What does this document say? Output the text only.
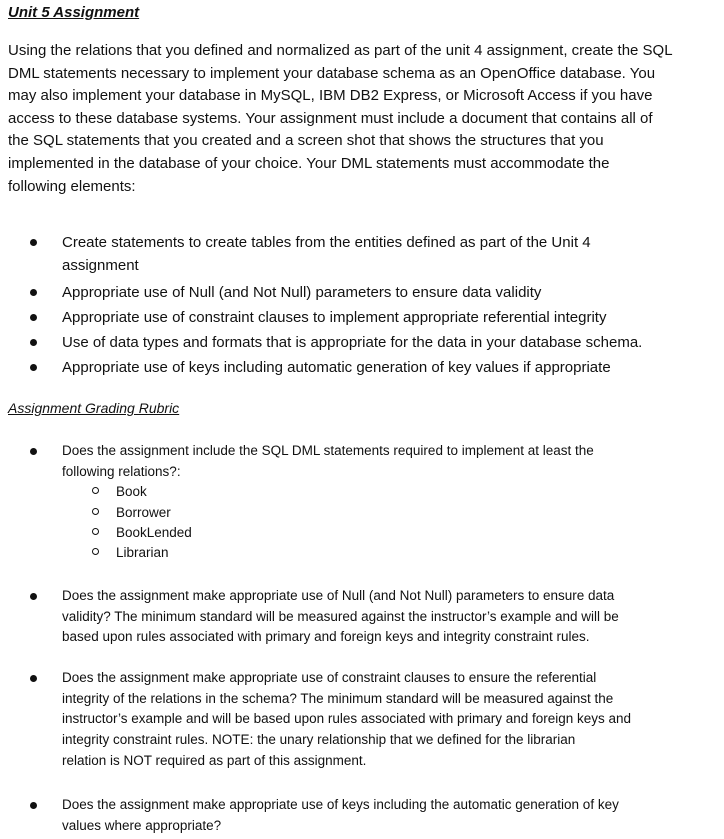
Unit 5 Assignment
Using the relations that you defined and normalized as part of the unit 4 assignment, create the SQL
DML statements necessary to implement your database schema as an OpenOffice database. You
may also implement your database in MySQL, IBM DB2 Express, or Microsoft Access if you have
access to these database systems. Your assignment must include a document that contains all of
the SQL statements that you created and a screen shot that shows the structures that you
implemented in the database of your choice. Your DML statements must accommodate the
following elements:
Create statements to create tables from the entities defined as part of the Unit 4
assignment
Appropriate use of Null (and Not Null) parameters to ensure data validity
Appropriate use of constraint clauses to implement appropriate referential integrity
Use of data types and formats that is appropriate for the data in your database schema.
Appropriate use of keys including automatic generation of key values if appropriate
Assignment Grading Rubric
Does the assignment include the SQL DML statements required to implement at least the
following relations?:
Book
Borrower
BookLended
Librarian
Does the assignment make appropriate use of Null (and Not Null) parameters to ensure data
validity? The minimum standard will be measured against the instructor’s example and will be
based upon rules associated with primary and foreign keys and integrity constraint rules.
Does the assignment make appropriate use of constraint clauses to ensure the referential
integrity of the relations in the schema? The minimum standard will be measured against the
instructor’s example and will be based upon rules associated with primary and foreign keys and
integrity constraint rules. NOTE: the unary relationship that we defined for the librarian
relation is NOT required as part of this assignment.
Does the assignment make appropriate use of keys including the automatic generation of key
values where appropriate?
